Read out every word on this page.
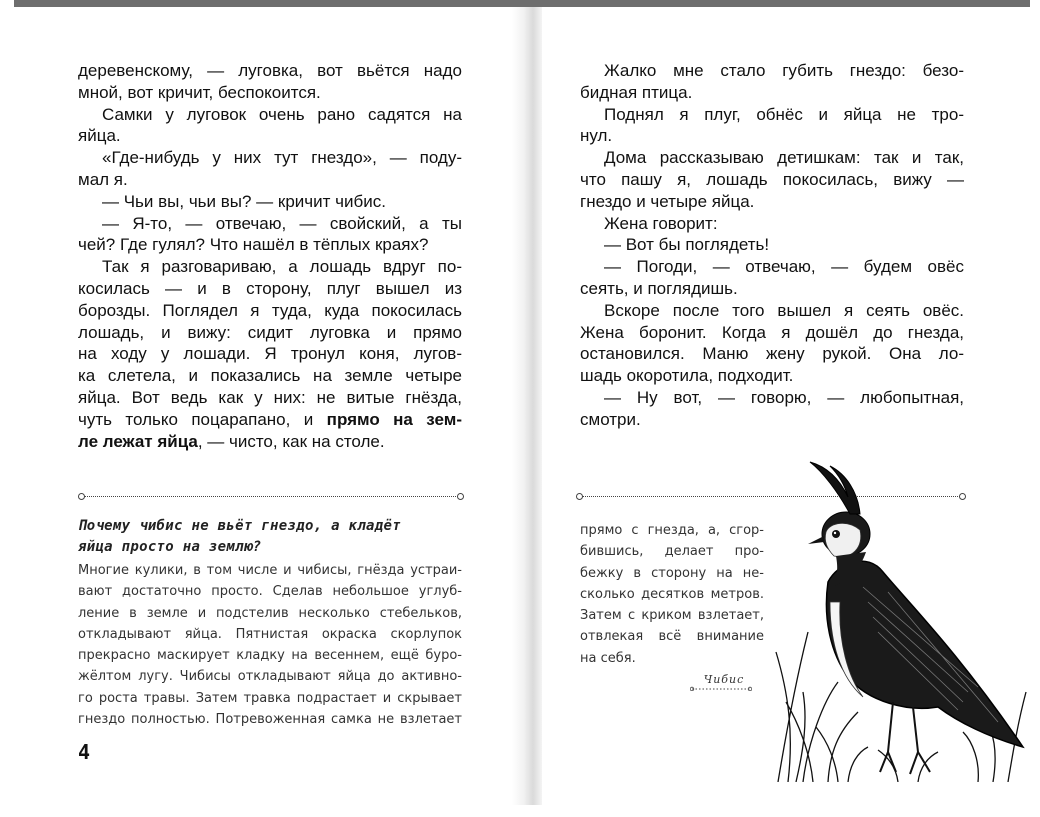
деревенскому, — луговка, вот вьётся надо

мной, вот кричит, беспокоится.

Самки у луговок очень рано садятся на

яйца.

«Где-нибудь у них тут гнездо», — поду-

мал я.

— Чьи вы, чьи вы? — кричит чибис.

— Я-то, — отвечаю, — свойский, а ты

чей? Где гулял? Что нашёл в тёплых краях?

Так я разговариваю, а лошадь вдруг по-

косилась — и в сторону, плуг вышел из

борозды. Поглядел я туда, куда покосилась

лошадь, и вижу: сидит луговка и прямо

на ходу у лошади. Я тронул коня, лугов-

ка слетела, и показались на земле четыре

яйца. Вот ведь как у них: не витые гнёзда,

чуть только поцарапано, и прямо на зем-

ле лежат яйца, — чисто, как на столе.

Жалко мне стало губить гнездо: безо-

бидная птица.

Поднял я плуг, обнёс и яйца не тро-

нул.

Дома рассказываю детишкам: так и так,

что пашу я, лошадь покосилась, вижу —

гнездо и четыре яйца.

Жена говорит:

— Вот бы поглядеть!

— Погоди, — отвечаю, — будем овёс

сеять, и поглядишь.

Вскоре после того вышел я сеять овёс.

Жена боронит. Когда я дошёл до гнезда,

остановился. Маню жену рукой. Она ло-

шадь окоротила, подходит.

— Ну вот, — говорю, — любопытная,

смотри.

Почему чибис не вьёт гнездо, а кладёт
яйца просто на землю?
Многие кулики, в том числе и чибисы, гнёзда устраи-
вают достаточно просто. Сделав небольшое углуб-
ление в земле и подстелив несколько стебельков,
откладывают яйца. Пятнистая окраска скорлупок
прекрасно маскирует кладку на весеннем, ещё буро-
жёлтом лугу. Чибисы откладывают яйца до активно-
го роста травы. Затем травка подрастает и скрывает
гнездо полностью. Потревоженная самка не взлетает
прямо с гнезда, а, сгор-
бившись, делает про-
бежку в сторону на не-
сколько десятков метров.
Затем с криком взлетает,
отвлекая всё внимание
на себя.
Чибис
4
